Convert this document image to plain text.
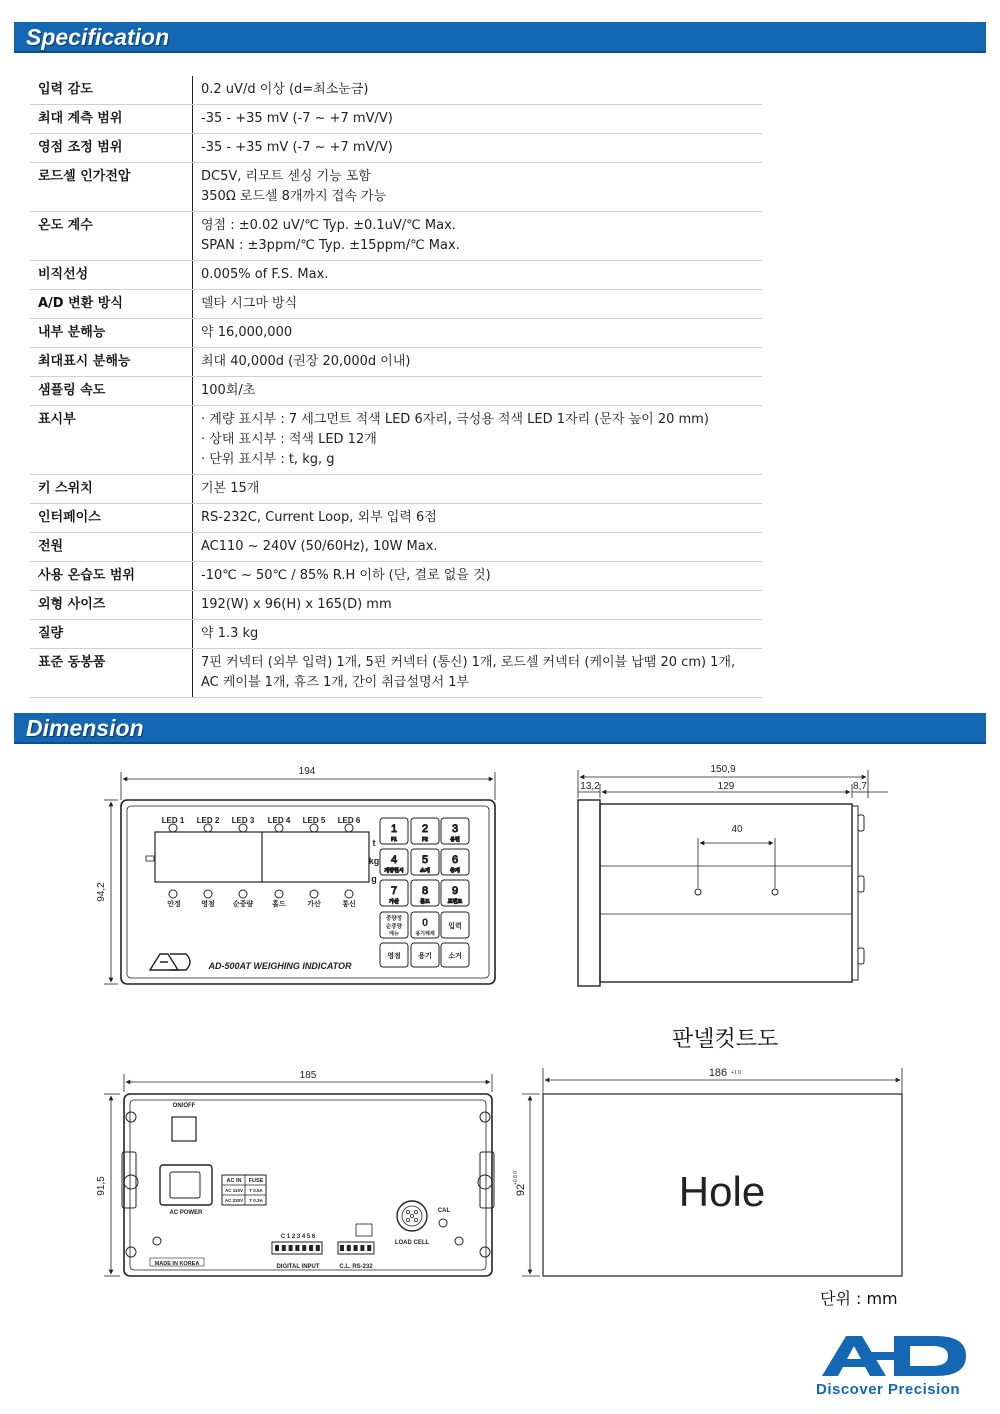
Specification
입력 감도	0.2 uV/d 이상 (d=최소눈금)
최대 계측 범위	-35 - +35 mV (-7 ~ +7 mV/V)
영점 조정 범위	-35 - +35 mV (-7 ~ +7 mV/V)
로드셀 인가전압	DC5V, 리모트 센싱 기능 포함
350Ω 로드셀 8개까지 접속 가능
온도 계수	영점 : ±0.02 uV/℃ Typ. ±0.1uV/℃ Max.
SPAN : ±3ppm/℃ Typ. ±15ppm/℃ Max.
비직선성	0.005% of F.S. Max.
A/D 변환 방식	델타 시그마 방식
내부 분해능	약 16,000,000
최대표시 분해능	최대 40,000d (권장 20,000d 이내)
샘플링 속도	100회/초
표시부	· 계량 표시부 : 7 세그먼트 적색 LED 6자리, 극성용 적색 LED 1자리 (문자 높이 20 mm)
· 상태 표시부 : 적색 LED 12개
· 단위 표시부 : t, kg, g
키 스위치	기본 15개
인터페이스	RS-232C, Current Loop, 외부 입력 6점
전원	AC110 ~ 240V (50/60Hz), 10W Max.
사용 온습도 범위	-10℃ ~ 50℃ / 85% R.H 이하 (단, 결로 없을 것)
외형 사이즈	192(W) x 96(H) x 165(D) mm
질량	약 1.3 kg
표준 동봉품	7핀 커넥터 (외부 입력) 1개, 5핀 커넥터 (통신) 1개, 로드셀 커넥터 (케이블 납땜 20 cm) 1개,
AC 케이블 1개, 휴즈 1개, 간이 취급설명서 1부
Dimension
1
F1
2
F2
3
용편
4
계량현시
5
소계
6
총계
7
가산
8
홀드
9
프린트
194
94,2
LED 1 LED 2 LED 3 LED 4 LED 5 LED 6
안정	영점	순중량	홀드	가산	통신
t
kg
g
중량정
순중량
메뉴
0
용기해제
입력
영점 용기 소거
AD-500AT WEIGHING INDICATOR
150,9
13,2	129	8,7
40
185
91,5
ON/OFF
AC POWER
AC IN FUSE
AC 110V T 0.5A
AC 220V T 0.3A
C 1 2 3 4 5 6
DIGITAL INPUT	C.L. RS-232
LOAD CELL
CAL
MADE IN KOREA
186 +1 0
92
+0.8 0	Hole
판넬컷트도
단위 : mm
Discover Precision
